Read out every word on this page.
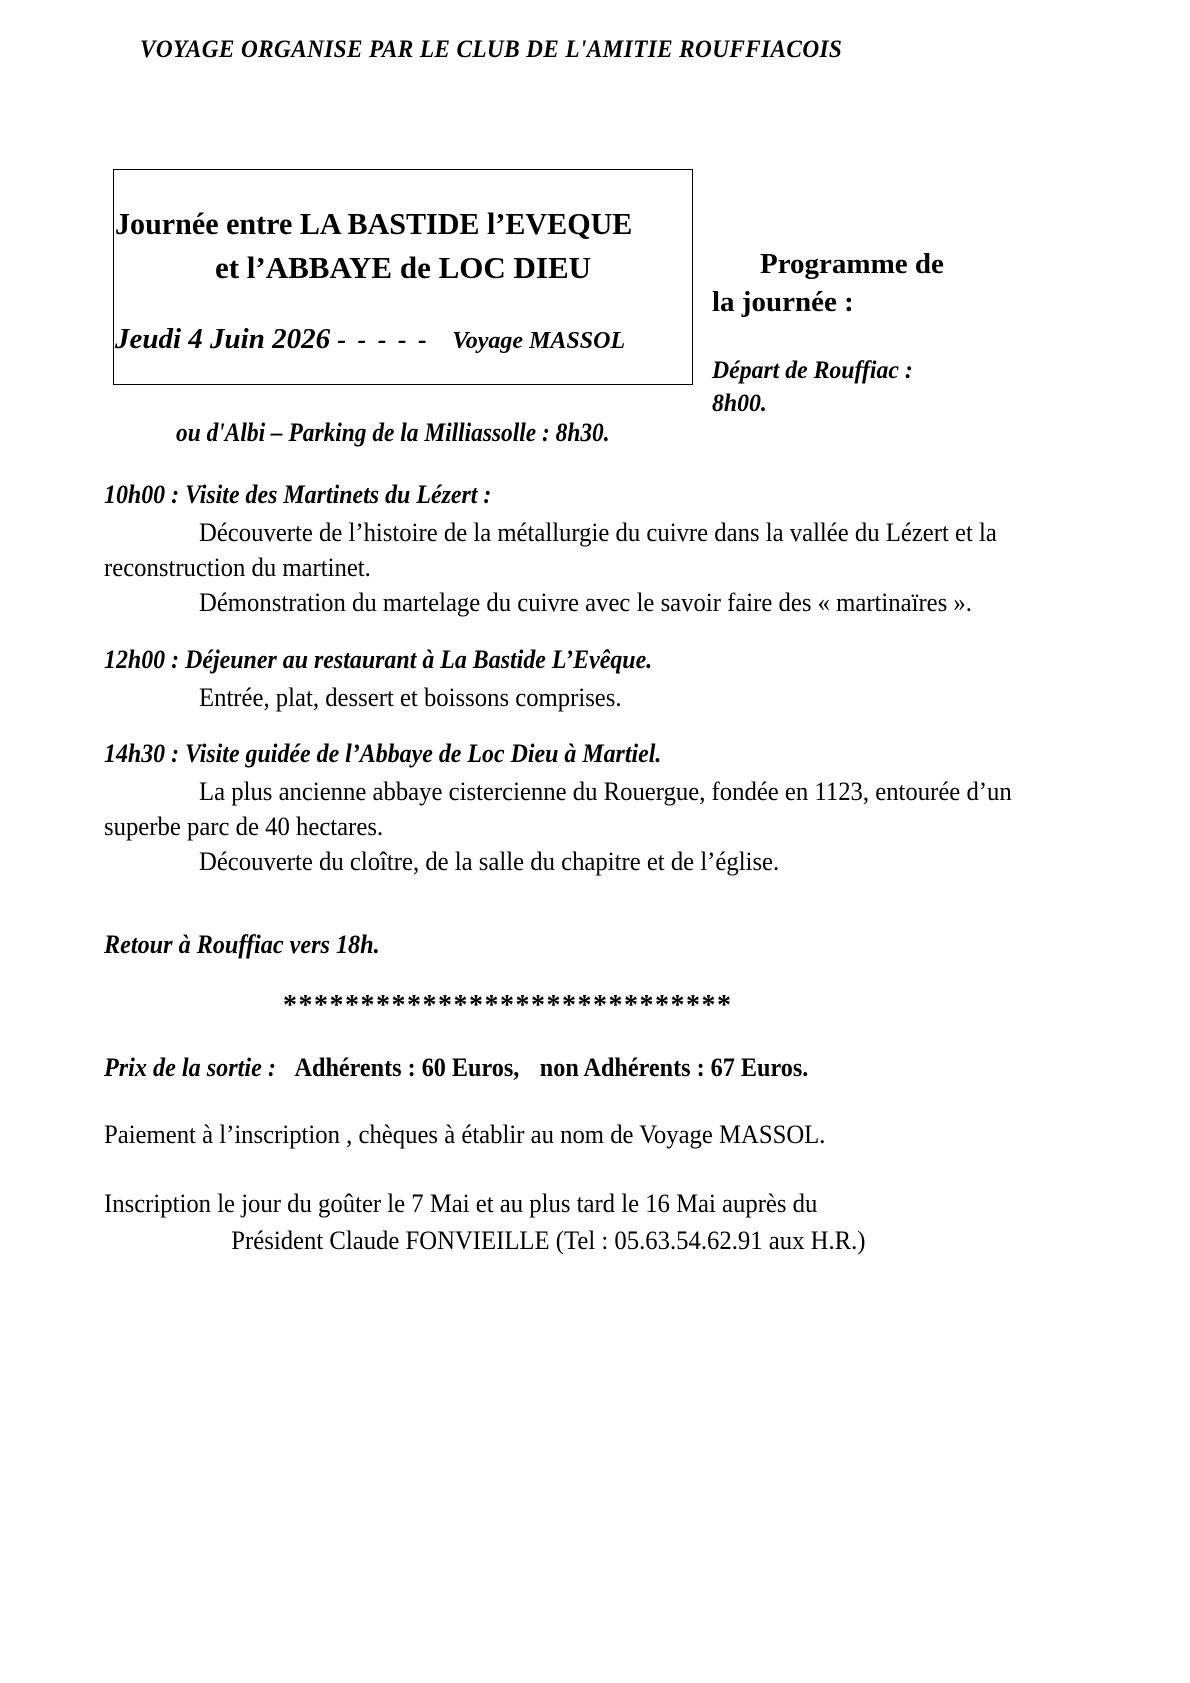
VOYAGE ORGANISE PAR LE CLUB DE L'AMITIE ROUFFIACOIS
Journée entre LA BASTIDE l’EVEQUE
et l’ABBAYE de LOC DIEU
Jeudi 4 Juin 2026 - - - - - Voyage MASSOL
Programme de
la journée :
Départ de Rouffiac :
8h00.
ou d'Albi – Parking de la Milliassolle : 8h30.
10h00 : Visite des Martinets du Lézert :
Découverte de l’histoire de la métallurgie du cuivre dans la vallée du Lézert et la reconstruction du martinet.
Démonstration du martelage du cuivre avec le savoir faire des « martinaïres ».
12h00 : Déjeuner au restaurant à La Bastide L’Evêque.
Entrée, plat, dessert et boissons comprises.
14h30 : Visite guidée de l’Abbaye de Loc Dieu à Martiel.
La plus ancienne abbaye cistercienne du Rouergue, fondée en 1123, entourée d’un superbe parc de 40 hectares.
Découverte du cloître, de la salle du chapitre et de l’église.
Retour à Rouffiac vers 18h.
*****************************
Prix de la sortie : Adhérents : 60 Euros, non Adhérents : 67 Euros.
Paiement à l’inscription , chèques à établir au nom de Voyage MASSOL.
Inscription le jour du goûter le 7 Mai et au plus tard le 16 Mai auprès du
Président Claude FONVIEILLE (Tel : 05.63.54.62.91 aux H.R.)
